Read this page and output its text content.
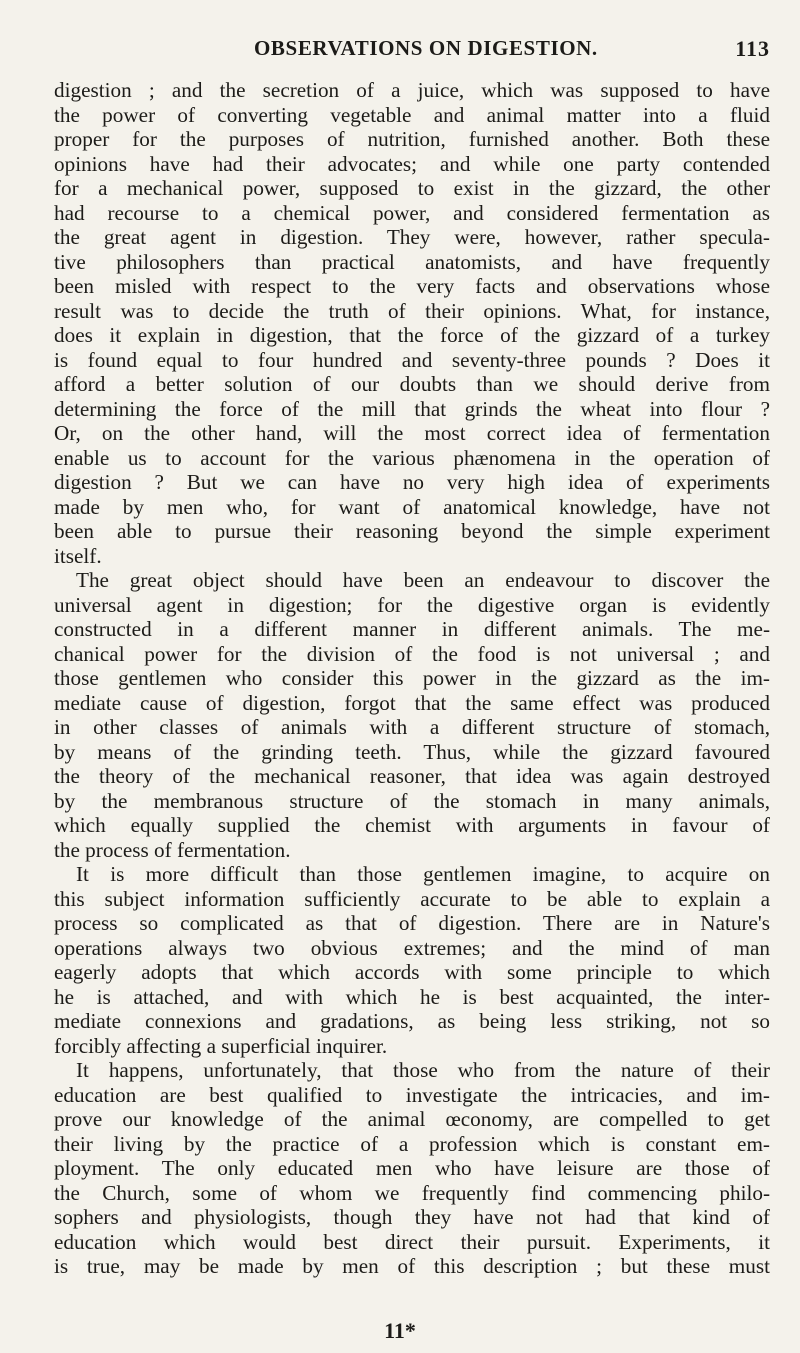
OBSERVATIONS ON DIGESTION.	113
digestion ; and the secretion of a juice, which was supposed to have
the power of converting vegetable and animal matter into a fluid
proper for the purposes of nutrition, furnished another. Both these
opinions have had their advocates; and while one party contended
for a mechanical power, supposed to exist in the gizzard, the other
had recourse to a chemical power, and considered fermentation as
the great agent in digestion. They were, however, rather specula-
tive philosophers than practical anatomists, and have frequently
been misled with respect to the very facts and observations whose
result was to decide the truth of their opinions. What, for instance,
does it explain in digestion, that the force of the gizzard of a turkey
is found equal to four hundred and seventy-three pounds ? Does it
afford a better solution of our doubts than we should derive from
determining the force of the mill that grinds the wheat into flour ?
Or, on the other hand, will the most correct idea of fermentation
enable us to account for the various phænomena in the operation of
digestion ? But we can have no very high idea of experiments
made by men who, for want of anatomical knowledge, have not
been able to pursue their reasoning beyond the simple experiment
itself.
The great object should have been an endeavour to discover the
universal agent in digestion; for the digestive organ is evidently
constructed in a different manner in different animals. The me-
chanical power for the division of the food is not universal ; and
those gentlemen who consider this power in the gizzard as the im-
mediate cause of digestion, forgot that the same effect was produced
in other classes of animals with a different structure of stomach,
by means of the grinding teeth. Thus, while the gizzard favoured
the theory of the mechanical reasoner, that idea was again destroyed
by the membranous structure of the stomach in many animals,
which equally supplied the chemist with arguments in favour of
the process of fermentation.
It is more difficult than those gentlemen imagine, to acquire on
this subject information sufficiently accurate to be able to explain a
process so complicated as that of digestion. There are in Nature's
operations always two obvious extremes; and the mind of man
eagerly adopts that which accords with some principle to which
he is attached, and with which he is best acquainted, the inter-
mediate connexions and gradations, as being less striking, not so
forcibly affecting a superficial inquirer.
It happens, unfortunately, that those who from the nature of their
education are best qualified to investigate the intricacies, and im-
prove our knowledge of the animal œconomy, are compelled to get
their living by the practice of a profession which is constant em-
ployment. The only educated men who have leisure are those of
the Church, some of whom we frequently find commencing philo-
sophers and physiologists, though they have not had that kind of
education which would best direct their pursuit. Experiments, it
is true, may be made by men of this description ; but these must
11*
